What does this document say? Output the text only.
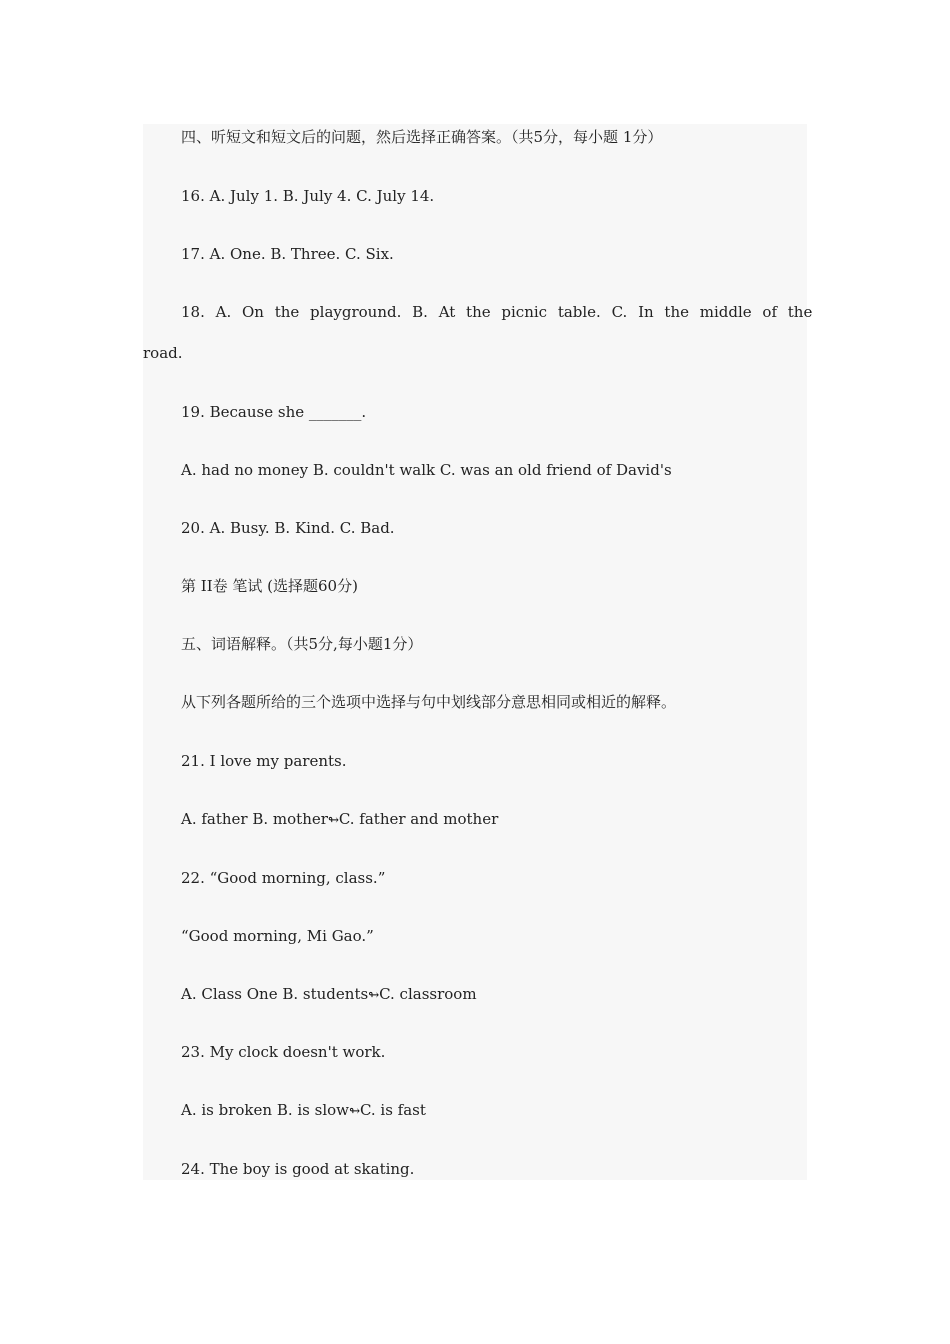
四、听短文和短文后的问题，然后选择正确答案。（共5分，每小题 1分）
16. A. July 1. B. July 4. C. July 14.
17. A. One. B. Three. C. Six.
18. A. On the playground. B. At the picnic table. C. In the middle of the
road.
19. Because she _______.
A. had no money B. couldn't walk C. was an old friend of David's
20. A. Busy. B. Kind. C. Bad.
第 II卷 笔试 (选择题60分)
五、词语解释。（共5分,每小题1分）
从下列各题所给的三个选项中选择与句中划线部分意思相同或相近的解释。
21. I love my parents.
A. father B. mother↬C. father and mother
22. “Good morning, class.”
“Good morning, Mi Gao.”
A. Class One B. students↬C. classroom
23. My clock doesn't work.
A. is broken B. is slow↬C. is fast
24. The boy is good at skating.
